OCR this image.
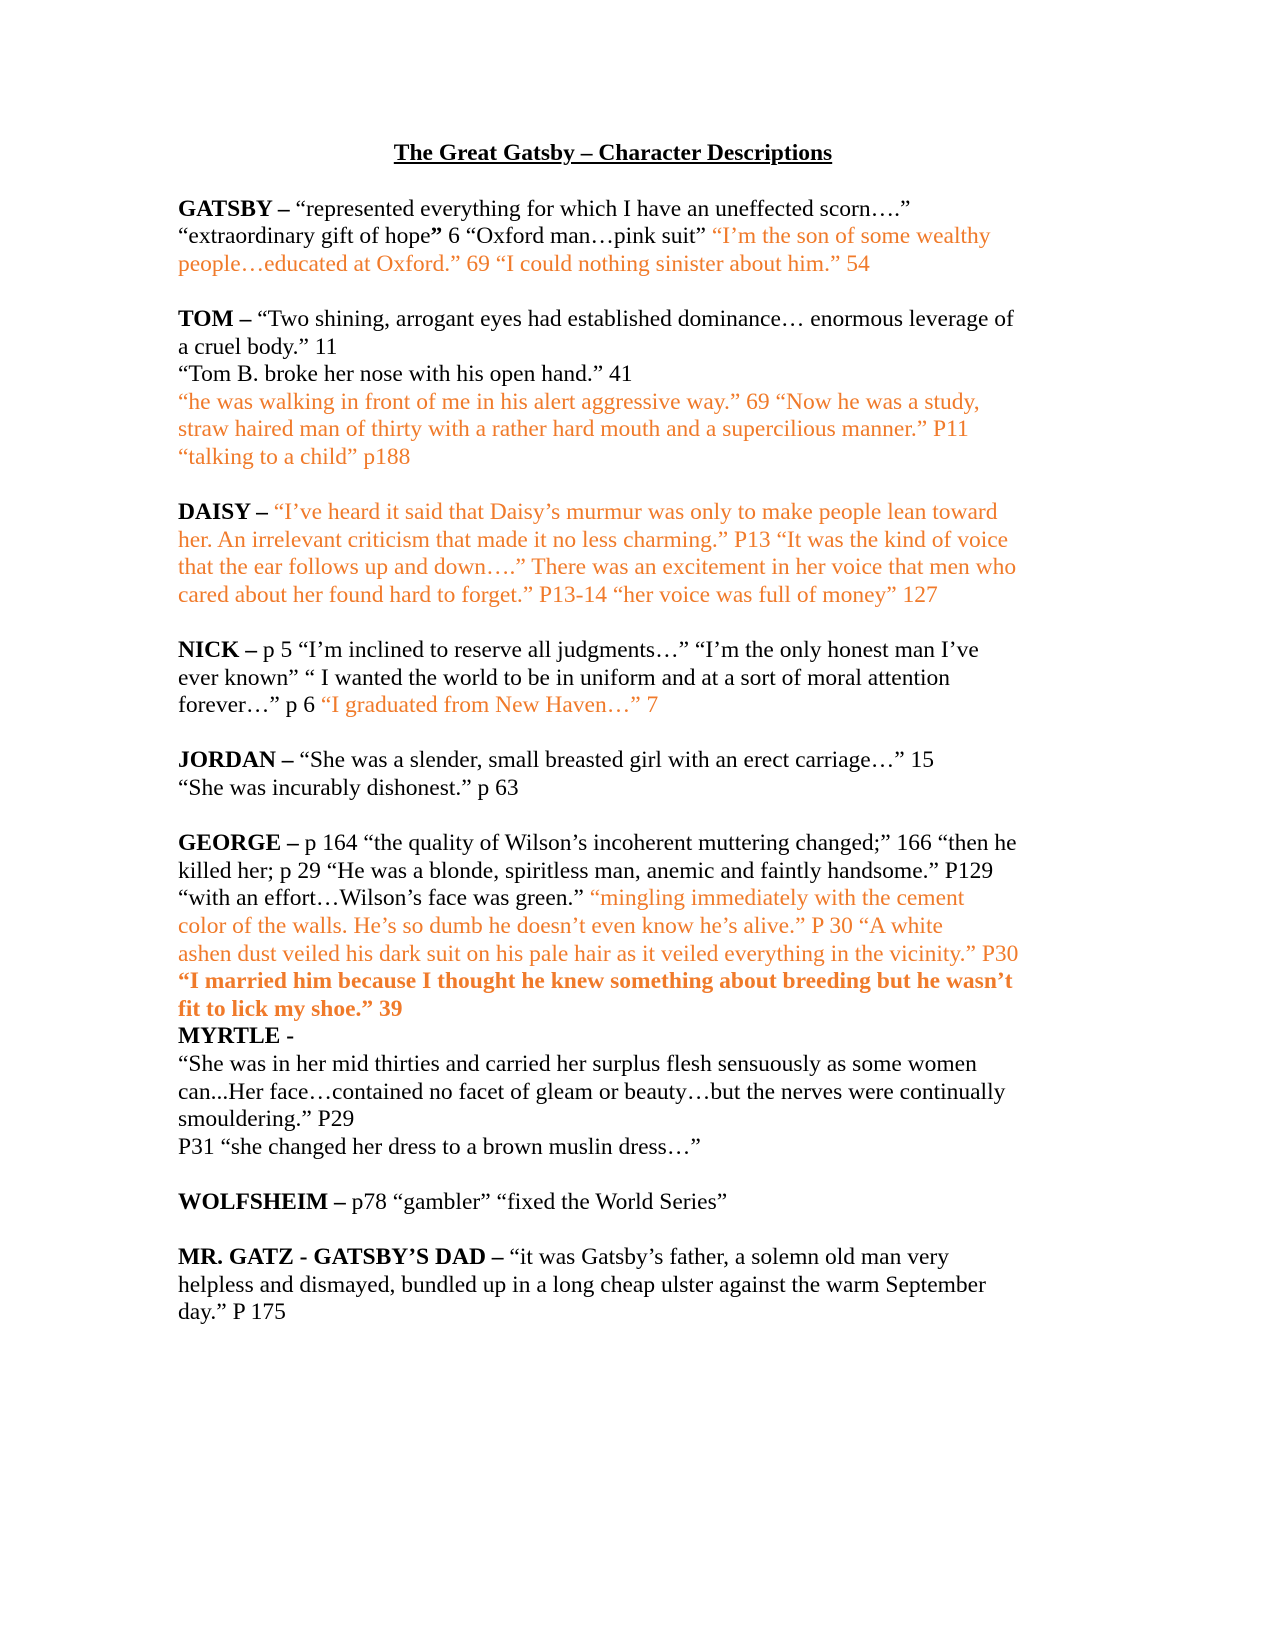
The Great Gatsby – Character Descriptions
GATSBY – “represented everything for which I have an uneffected scorn….”
“extraordinary gift of hope” 6 “Oxford man…pink suit” “I’m the son of some wealthy
people…educated at Oxford.” 69 “I could nothing sinister about him.” 54
TOM – “Two shining, arrogant eyes had established dominance… enormous leverage of
a cruel body.” 11
“Tom B. broke her nose with his open hand.” 41
“he was walking in front of me in his alert aggressive way.” 69 “Now he was a study,
straw haired man of thirty with a rather hard mouth and a supercilious manner.” P11
“talking to a child” p188
DAISY – “I’ve heard it said that Daisy’s murmur was only to make people lean toward
her. An irrelevant criticism that made it no less charming.” P13 “It was the kind of voice
that the ear follows up and down….” There was an excitement in her voice that men who
cared about her found hard to forget.” P13-14 “her voice was full of money” 127
NICK – p 5 “I’m inclined to reserve all judgments…” “I’m the only honest man I’ve
ever known” “ I wanted the world to be in uniform and at a sort of moral attention
forever…” p 6 “I graduated from New Haven…” 7
JORDAN – “She was a slender, small breasted girl with an erect carriage…” 15
“She was incurably dishonest.” p 63
GEORGE – p 164 “the quality of Wilson’s incoherent muttering changed;” 166 “then he
killed her; p 29 “He was a blonde, spiritless man, anemic and faintly handsome.” P129
“with an effort…Wilson’s face was green.” “mingling immediately with the cement
color of the walls. He’s so dumb he doesn’t even know he’s alive.” P 30 “A white
ashen dust veiled his dark suit on his pale hair as it veiled everything in the vicinity.” P30
“I married him because I thought he knew something about breeding but he wasn’t
fit to lick my shoe.” 39
MYRTLE -
“She was in her mid thirties and carried her surplus flesh sensuously as some women
can...Her face…contained no facet of gleam or beauty…but the nerves were continually
smouldering.” P29
P31 “she changed her dress to a brown muslin dress…”
WOLFSHEIM – p78 “gambler” “fixed the World Series”
MR. GATZ - GATSBY’S DAD – “it was Gatsby’s father, a solemn old man very
helpless and dismayed, bundled up in a long cheap ulster against the warm September
day.” P 175
